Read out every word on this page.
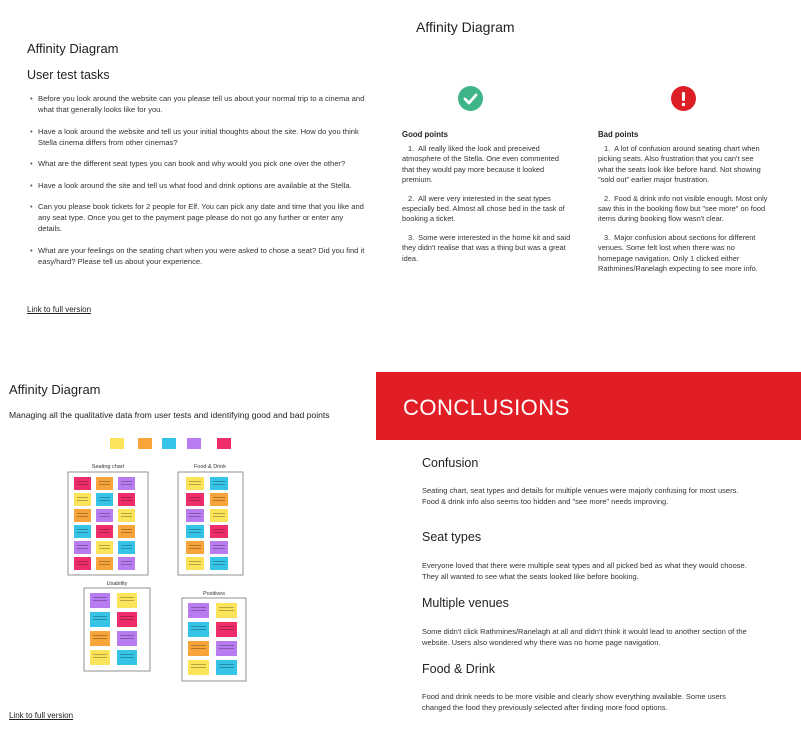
Affinity Diagram
User test tasks
• Before you look around the website can you please tell us about your normal trip to a cinema and what that generally looks like for you.
• Have a look around the website and tell us your initial thoughts about the site. How do you think Stella cinema differs from other cinemas?
• What are the different seat types you can book and why would you pick one over the other?
• Have a look around the site and tell us what food and drink options are available at the Stella.
• Can you please book tickets for 2 people for Elf. You can pick any date and time that you like and any seat type. Once you get to the payment page please do not go any further or enter any details.
• What are your feelings on the seating chart when you were asked to chose a seat? Did you find it easy/hard? Please tell us about your experience.
Link to full version
Affinity Diagram
Good points
1. All really liked the look and preceived atmosphere of the Stella. One even commented that they would pay more because it looked premium.
2. All were very interested in the seat types especially bed. Almost all chose bed in the task of booking a ticket.
3. Some were interested in the home kit and said they didn't realise that was a thing but was a great idea.
Bad points
1. A lot of confusion around seating chart when picking seats. Also frustration that you can't see what the seats look like before hand. Not showing "sold out" earlier major frustration.
2. Food & drink info not visible enough. Most only saw this in the booking flow but "see more" on food items during booking flow wasn't clear.
3. Major confusion about sections for different venues. Some felt lost when there was no homepage navigation. Only 1 clicked either Rathmines/Ranelagh expecting to see more info.
Affinity Diagram
Managing all the qualitative data from user tests and identifying good and bad points
Seating chart	Food & Drink
Usability
Positives
Link to full version
CONCLUSIONS
Confusion
Seating chart, seat types and details for multiple venues were majorly confusing for most users. Food & drink info also seems too hidden and "see more" needs improving.
Seat types
Everyone loved that there were multiple seat types and all picked bed as what they would choose. They all wanted to see what the seats looked like before booking.
Multiple venues
Some didn't click Rathmines/Ranelagh at all and didn't think it would lead to another section of the website. Users also wondered why there was no home page navigation.
Food & Drink
Food and drink needs to be more visible and clearly show everything available. Some users changed the food they previously selected after finding more food options.
